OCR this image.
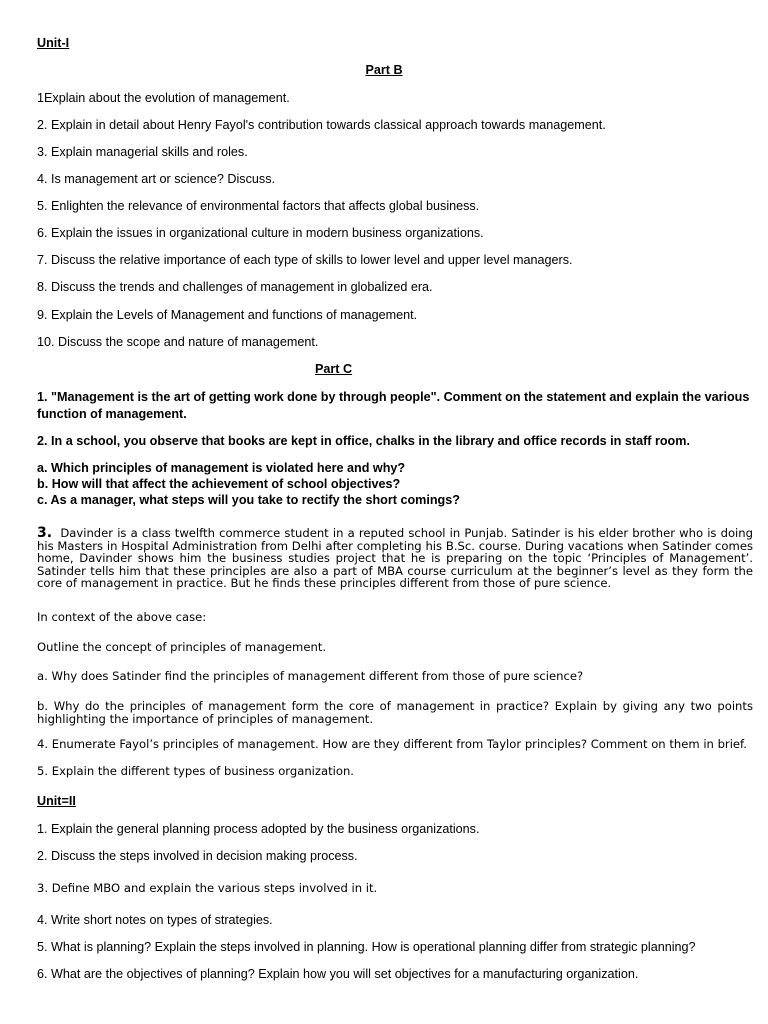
Unit-I
Part B
1Explain about the evolution of management.
2. Explain in detail about Henry Fayol's contribution towards classical approach towards management.
3. Explain managerial skills and roles.
4. Is management art or science? Discuss.
5. Enlighten the relevance of environmental factors that affects global business.
6. Explain the issues in organizational culture in modern business organizations.
7. Discuss the relative importance of each type of skills to lower level and upper level managers.
8. Discuss the trends and challenges of management in globalized era.
9. Explain the Levels of Management and functions of management.
10. Discuss the scope and nature of management.
Part C
1. "Management is the art of getting work done by through people". Comment on the statement and explain the various
function of management.
2. In a school, you observe that books are kept in office, chalks in the library and office records in staff room.
a. Which principles of management is violated here and why?
b. How will that affect the achievement of school objectives?
c. As a manager, what steps will you take to rectify the short comings?
3. Davinder is a class twelfth commerce student in a reputed school in Punjab. Satinder is his elder brother who is doing his Masters in Hospital Administration from Delhi after completing his B.Sc. course. During vacations when Satinder comes home, Davinder shows him the business studies project that he is preparing on the topic ‘Principles of Management’. Satinder tells him that these principles are also a part of MBA course curriculum at the beginner’s level as they form the core of management in practice. But he finds these principles different from those of pure science.
In context of the above case:
Outline the concept of principles of management.
a. Why does Satinder find the principles of management different from those of pure science?
b. Why do the principles of management form the core of management in practice? Explain by giving any two points highlighting the importance of principles of management.
4. Enumerate Fayol’s principles of management. How are they different from Taylor principles? Comment on them in brief.
5. Explain the different types of business organization.
Unit=II
1. Explain the general planning process adopted by the business organizations.
2. Discuss the steps involved in decision making process.
3. Define MBO and explain the various steps involved in it.
4. Write short notes on types of strategies.
5. What is planning? Explain the steps involved in planning. How is operational planning differ from strategic planning?
6. What are the objectives of planning? Explain how you will set objectives for a manufacturing organization.
